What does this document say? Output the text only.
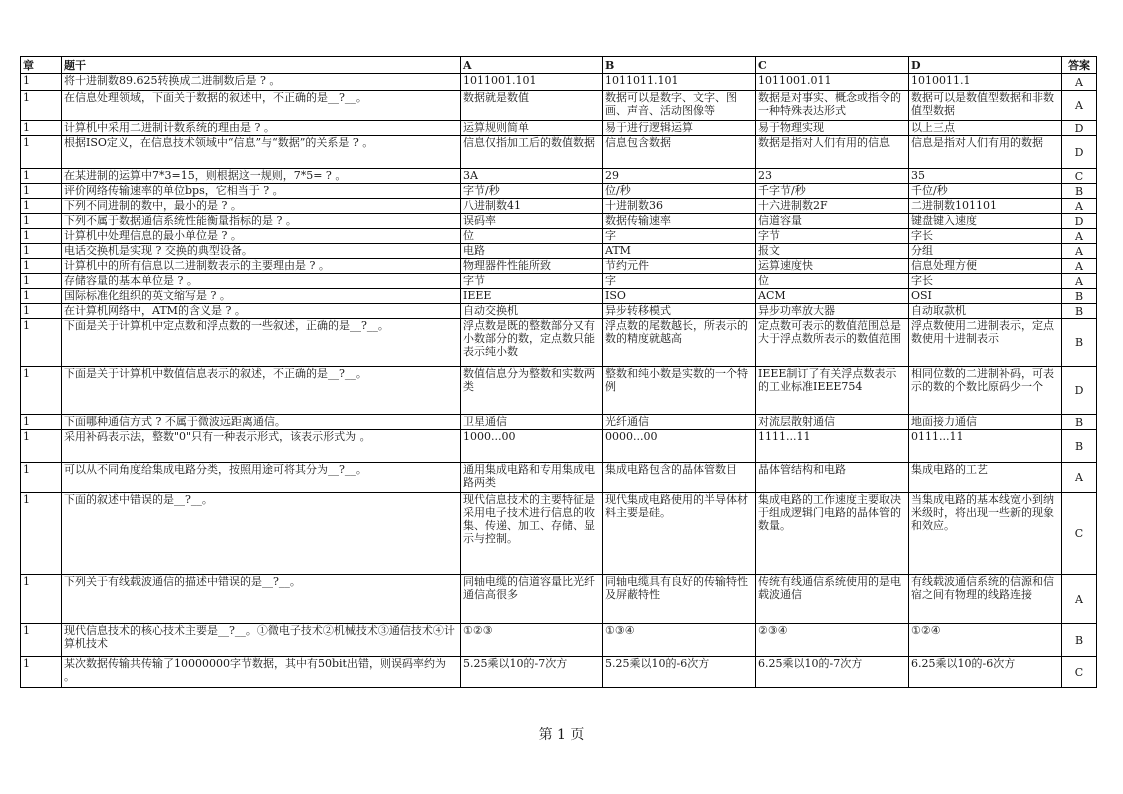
章	题干	A	B	C	D	答案
1	将十进制数89.625转换成二进制数后是 ? 。	1011001.101	1011011.101	1011001.011	1010011.1	A
1	在信息处理领域，下面关于数据的叙述中，不正确的是__?__。	数据就是数值	数据可以是数字、文字、图画、声音、活动图像等	数据是对事实、概念或指令的一种特殊表达形式	数据可以是数值型数据和非数值型数据	A
1	计算机中采用二进制计数系统的理由是 ? 。	运算规则简单	易于进行逻辑运算	易于物理实现	以上三点	D
1	根据ISO定义，在信息技术领域中“信息”与“数据”的关系是 ? 。	信息仅指加工后的数值数据	信息包含数据	数据是指对人们有用的信息	信息是指对人们有用的数据	D
1	在某进制的运算中7*3=15，则根据这一规则，7*5= ? 。	3A	29	23	35	C
1	评价网络传输速率的单位bps，它相当于 ? 。	字节/秒	位/秒	千字节/秒	千位/秒	B
1	下列不同进制的数中，最小的是 ? 。	八进制数41	十进制数36	十六进制数2F	二进制数101101	A
1	下列不属于数据通信系统性能衡量指标的是 ? 。	误码率	数据传输速率	信道容量	键盘键入速度	D
1	计算机中处理信息的最小单位是 ? 。	位	字	字节	字长	A
1	电话交换机是实现 ? 交换的典型设备。	电路	ATM	报文	分组	A
1	计算机中的所有信息以二进制数表示的主要理由是 ? 。	物理器件性能所致	节约元件	运算速度快	信息处理方便	A
1	存储容量的基本单位是 ? 。	字节	字	位	字长	A
1	国际标准化组织的英文缩写是 ? 。	IEEE	ISO	ACM	OSI	B
1	在计算机网络中，ATM的含义是 ? 。	自动交换机	异步转移模式	异步功率放大器	自动取款机	B
1	下面是关于计算机中定点数和浮点数的一些叙述，正确的是__?__。	浮点数是既的整数部分又有小数部分的数，定点数只能表示纯小数	浮点数的尾数越长，所表示的数的精度就越高	定点数可表示的数值范围总是大于浮点数所表示的数值范围	浮点数使用二进制表示，定点数使用十进制表示	B
1	下面是关于计算机中数值信息表示的叙述，不正确的是__?__。	数值信息分为整数和实数两类	整数和纯小数是实数的一个特例	IEEE制订了有关浮点数表示的工业标准IEEE754	相同位数的二进制补码，可表示的数的个数比原码少一个	D
1	下面哪种通信方式 ? 不属于微波远距离通信。	卫星通信	光纤通信	对流层散射通信	地面接力通信	B
1	采用补码表示法，整数"0"只有一种表示形式，该表示形式为 。	1000...00	0000...00	1111...11	0111...11	B
1	可以从不同角度给集成电路分类，按照用途可将其分为__?__。	通用集成电路和专用集成电路两类	集成电路包含的晶体管数目	晶体管结构和电路	集成电路的工艺	A
1	下面的叙述中错误的是__?__。	现代信息技术的主要特征是采用电子技术进行信息的收集、传递、加工、存储、显示与控制。	现代集成电路使用的半导体材料主要是硅。	集成电路的工作速度主要取决于组成逻辑门电路的晶体管的数量。	当集成电路的基本线宽小到纳米级时，将出现一些新的现象和效应。	C
1	下列关于有线载波通信的描述中错误的是__?__。	同轴电缆的信道容量比光纤通信高很多	同轴电缆具有良好的传输特性及屏蔽特性	传统有线通信系统使用的是电载波通信	有线载波通信系统的信源和信宿之间有物理的线路连接	A
1	现代信息技术的核心技术主要是__?__。①微电子技术②机械技术③通信技术④计算机技术	①②③	①③④	②③④	①②④	B
1	某次数据传输共传输了10000000字节数据，其中有50bit出错，则误码率约为 。	5.25乘以10的-7次方	5.25乘以10的-6次方	6.25乘以10的-7次方	6.25乘以10的-6次方	C
第 1 页
